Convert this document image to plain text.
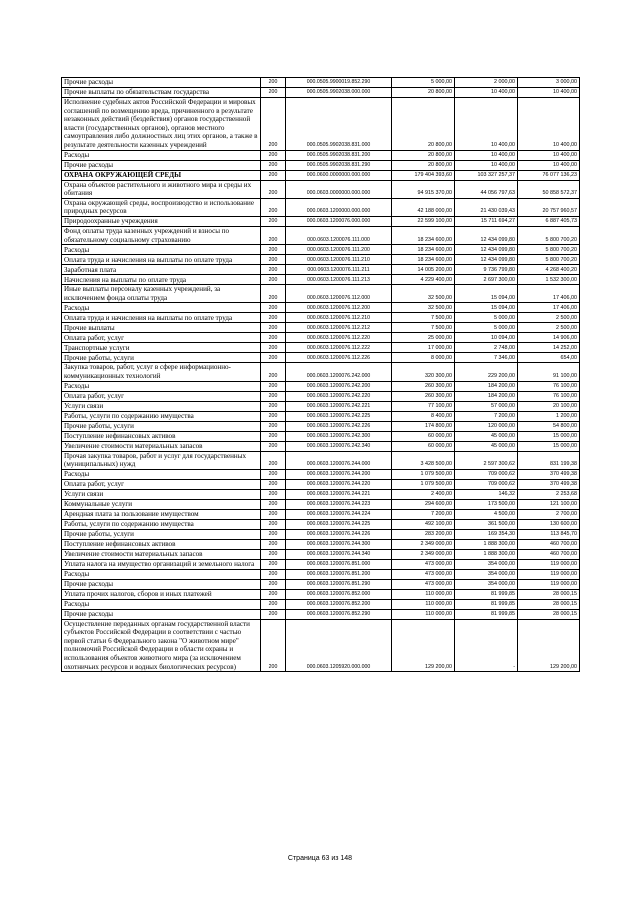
Прочие расходы	200	000.0505.9900019.852.290	5 000,00	2 000,00	3 000,00
Прочие выплаты по обязательствам государства	200	000.0505.9902038.000.000	20 800,00	10 400,00	10 400,00
Исполнение судебных актов Российской Федерации и мировых соглашений по возмещению вреда, причиненного в результате незаконных действий (бездействия) органов государственной власти (государственных органов), органов местного самоуправления либо должностных лиц этих органов, а также в результате деятельности казенных учреждений	200	000.0505.9902038.831.000	20 800,00	10 400,00	10 400,00
Расходы	200	000.0505.9902038.831.200	20 800,00	10 400,00	10 400,00
Прочие расходы	200	000.0505.9902038.831.290	20 800,00	10 400,00	10 400,00
ОХРАНА ОКРУЖАЮЩЕЙ СРЕДЫ	200	000.0600.0000000.000.000	179 404 393,60	103 327 257,37	76 077 136,23
Охрана объектов растительного и животного мира и среды их обитания	200	000.0603.0000000.000.000	94 915 370,00	44 056 797,63	50 858 572,37
Охрана окружающей среды, воспроизводство и использование природных ресурсов	200	000.0603.1200000.000.000	42 188 000,00	21 430 039,43	20 757 960,57
Природоохранные учреждения	200	000.0603.1200076.000.000	22 599 100,00	15 711 694,27	6 887 405,73
Фонд оплаты труда казенных учреждений и взносы по обязательному социальному страхованию	200	000.0603.1200076.111.000	18 234 600,00	12 434 099,80	5 800 700,20
Расходы	200	000.0603.1200076.111.200	18 234 600,00	12 434 099,80	5 800 700,20
Оплата труда и начисления на выплаты по оплате труда	200	000.0603.1200076.111.210	18 234 600,00	12 434 099,80	5 800 700,20
Заработная плата	200	000.0603.1200076.111.211	14 005 200,00	9 736 799,80	4 268 400,20
Начисления на выплаты по оплате труда	200	000.0603.1200076.111.213	4 229 400,00	2 697 300,00	1 532 300,00
Иные выплаты персоналу казенных учреждений, за исключением фонда оплаты труда	200	000.0603.1200076.112.000	32 500,00	15 094,00	17 406,00
Расходы	200	000.0603.1200076.112.200	32 500,00	15 094,00	17 406,00
Оплата труда и начисления на выплаты по оплате труда	200	000.0603.1200076.112.210	7 500,00	5 000,00	2 500,00
Прочие выплаты	200	000.0603.1200076.112.212	7 500,00	5 000,00	2 500,00
Оплата работ, услуг	200	000.0603.1200076.112.220	25 000,00	10 094,00	14 906,00
Транспортные услуги	200	000.0603.1200076.112.222	17 000,00	2 748,00	14 252,00
Прочие работы, услуги	200	000.0603.1200076.112.226	8 000,00	7 346,00	654,00
Закупка товаров, работ, услуг в сфере информационно-коммуникационных технологий	200	000.0603.1200076.242.000	320 300,00	229 200,00	91 100,00
Расходы	200	000.0603.1200076.242.200	260 300,00	184 200,00	76 100,00
Оплата работ, услуг	200	000.0603.1200076.242.220	260 300,00	184 200,00	76 100,00
Услуги связи	200	000.0603.1200076.242.221	77 100,00	57 000,00	20 100,00
Работы, услуги по содержанию имущества	200	000.0603.1200076.242.225	8 400,00	7 200,00	1 200,00
Прочие работы, услуги	200	000.0603.1200076.242.226	174 800,00	120 000,00	54 800,00
Поступление нефинансовых активов	200	000.0603.1200076.242.300	60 000,00	45 000,00	15 000,00
Увеличение стоимости материальных запасов	200	000.0603.1200076.242.340	60 000,00	45 000,00	15 000,00
Прочая закупка товаров, работ и услуг для государственных (муниципальных) нужд	200	000.0603.1200076.244.000	3 428 500,00	2 597 300,62	831 199,38
Расходы	200	000.0603.1200076.244.200	1 079 500,00	709 000,62	370 499,38
Оплата работ, услуг	200	000.0603.1200076.244.220	1 079 500,00	709 000,62	370 499,38
Услуги связи	200	000.0603.1200076.244.221	2 400,00	146,32	2 253,68
Коммунальные услуги	200	000.0603.1200076.244.223	294 600,00	173 500,00	121 100,00
Арендная плата за пользование имуществом	200	000.0603.1200076.244.224	7 200,00	4 500,00	2 700,00
Работы, услуги по содержанию имущества	200	000.0603.1200076.244.225	492 100,00	361 500,00	130 600,00
Прочие работы, услуги	200	000.0603.1200076.244.226	283 200,00	169 354,30	113 845,70
Поступление нефинансовых активов	200	000.0603.1200076.244.300	2 349 000,00	1 888 300,00	460 700,00
Увеличение стоимости материальных запасов	200	000.0603.1200076.244.340	2 349 000,00	1 888 300,00	460 700,00
Уплата налога на имущество организаций и земельного налога	200	000.0603.1200076.851.000	473 000,00	354 000,00	119 000,00
Расходы	200	000.0603.1200076.851.200	473 000,00	354 000,00	119 000,00
Прочие расходы	200	000.0603.1200076.851.290	473 000,00	354 000,00	119 000,00
Уплата прочих налогов, сборов и иных платежей	200	000.0603.1200076.852.000	110 000,00	81 999,85	28 000,15
Расходы	200	000.0603.1200076.852.200	110 000,00	81 999,85	28 000,15
Прочие расходы	200	000.0603.1200076.852.290	110 000,00	81 999,85	28 000,15
Осуществление переданных органам государственной власти субъектов Российской Федерации в соответствии с частью первой статьи 6 Федерального закона "О животном мире" полномочий Российской Федерации в области охраны и использования объектов животного мира (за исключением охотничьих ресурсов и водных биологических ресурсов)	200	000.0603.1205920.000.000	129 200,00	-	129 200,00
Страница 63 из 148
